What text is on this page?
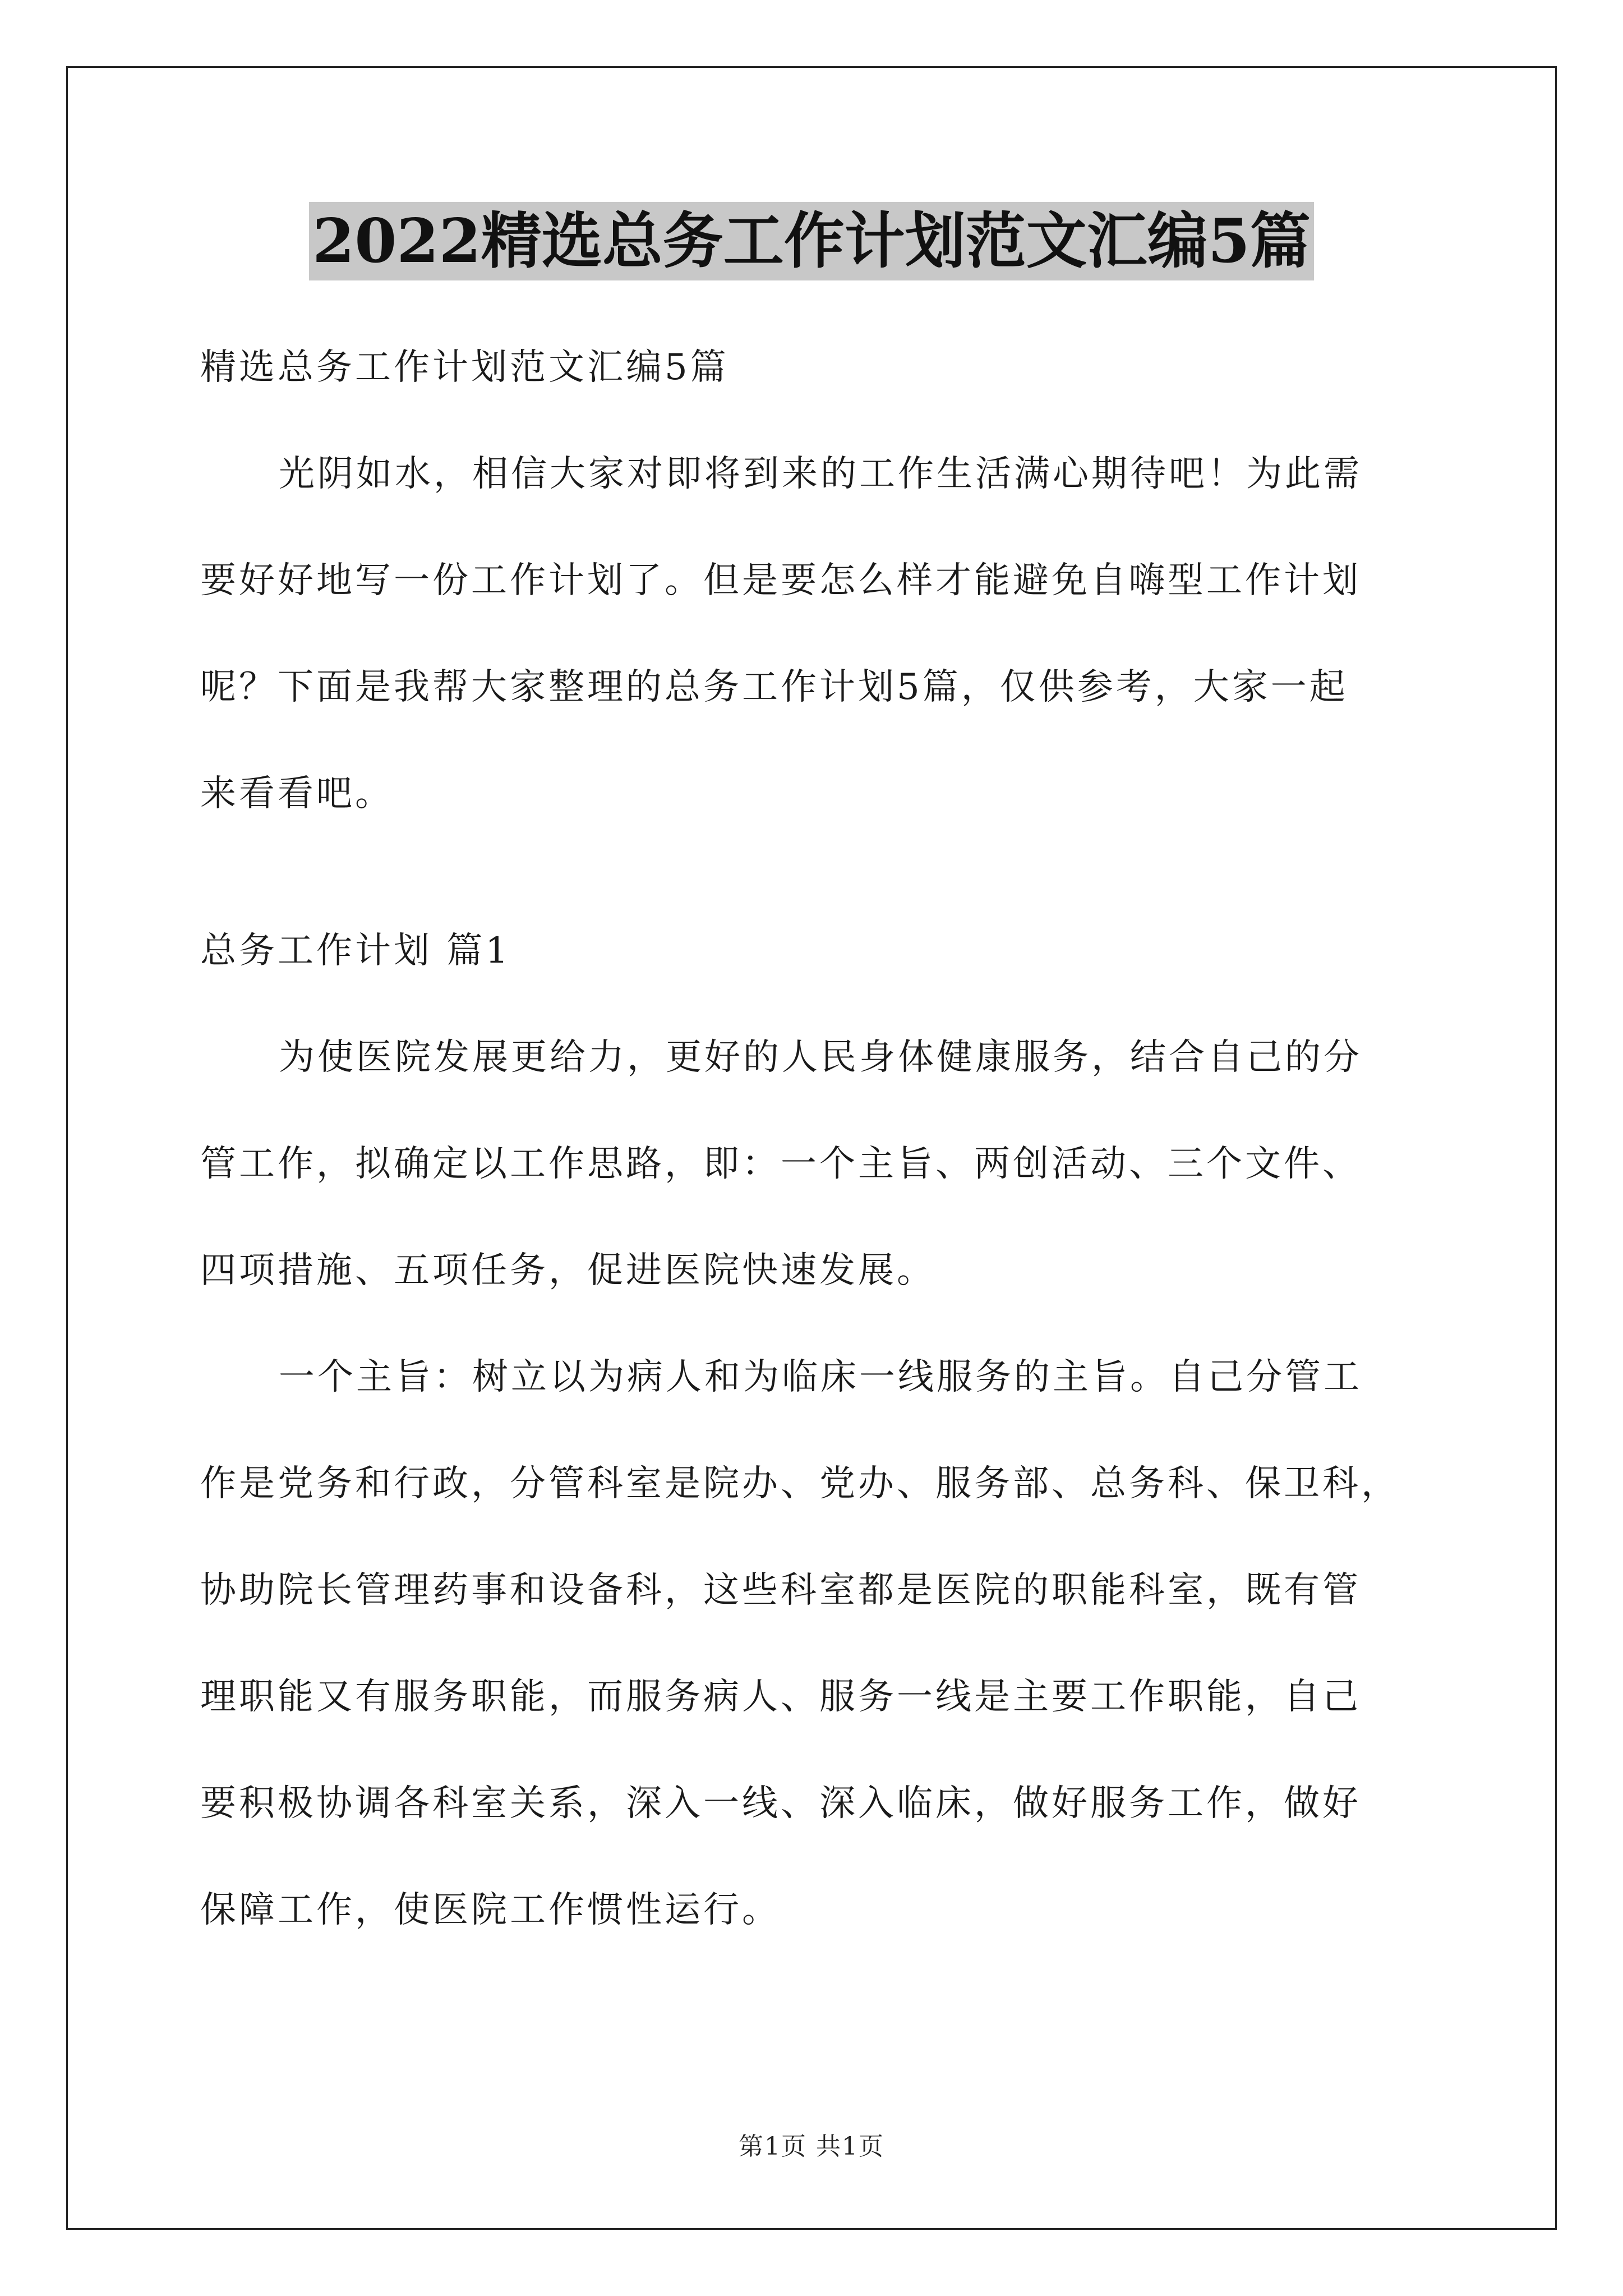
2022精选总务工作计划范文汇编5篇
精选总务工作计划范文汇编5篇
光阴如水，相信大家对即将到来的工作生活满心期待吧！为此需
要好好地写一份工作计划了。但是要怎么样才能避免自嗨型工作计划
呢？下面是我帮大家整理的总务工作计划5篇，仅供参考，大家一起
来看看吧。
总务工作计划 篇1
为使医院发展更给力，更好的人民身体健康服务，结合自己的分
管工作，拟确定以工作思路，即：一个主旨、两创活动、三个文件、
四项措施、五项任务，促进医院快速发展。
一个主旨：树立以为病人和为临床一线服务的主旨。自己分管工
作是党务和行政，分管科室是院办、党办、服务部、总务科、保卫科，
协助院长管理药事和设备科，这些科室都是医院的职能科室，既有管
理职能又有服务职能，而服务病人、服务一线是主要工作职能，自己
要积极协调各科室关系，深入一线、深入临床，做好服务工作，做好
保障工作，使医院工作惯性运行。
第1页 共1页
